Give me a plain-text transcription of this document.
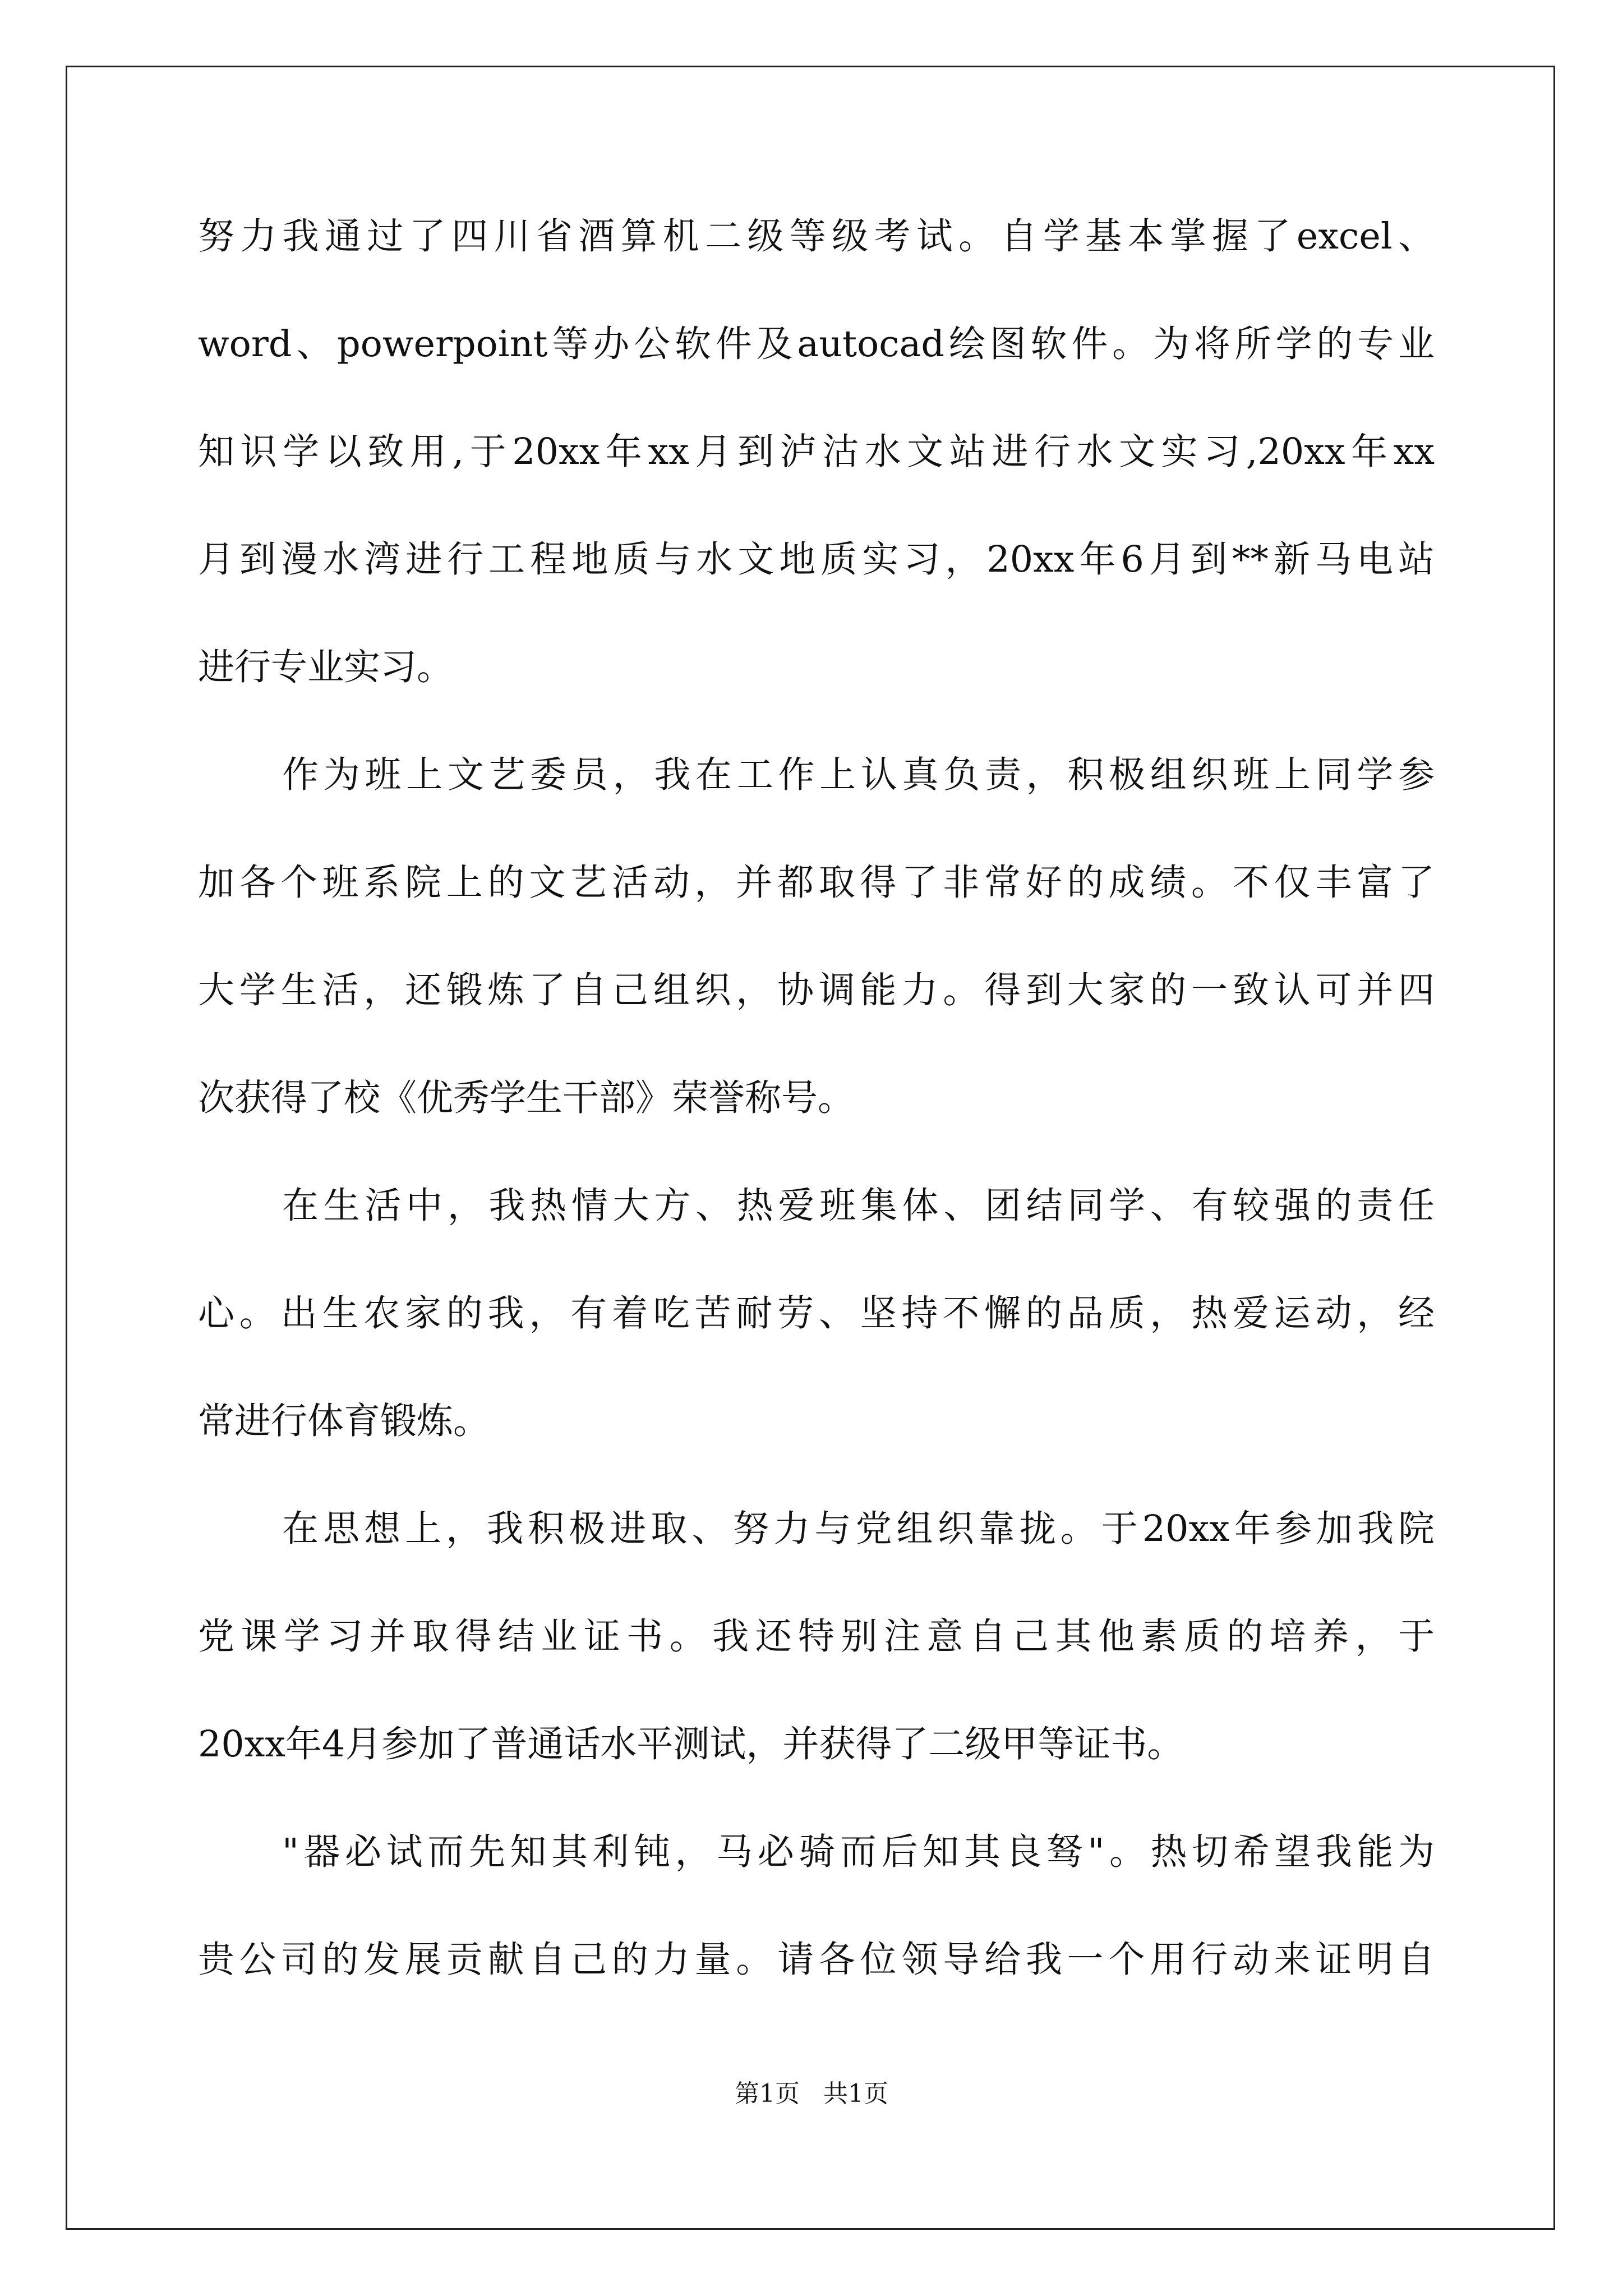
努力我通过了四川省酒算机二级等级考试。自学基本掌握了excel、
word、powerpoint等办公软件及autocad绘图软件。为将所学的专业
知识学以致用,于20xx年xx月到泸沽水文站进行水文实习,20xx年xx
月到漫水湾进行工程地质与水文地质实习，20xx年6月到**新马电站
进行专业实习。
作为班上文艺委员，我在工作上认真负责，积极组织班上同学参
加各个班系院上的文艺活动，并都取得了非常好的成绩。不仅丰富了
大学生活，还锻炼了自己组织，协调能力。得到大家的一致认可并四
次获得了校《优秀学生干部》荣誉称号。
在生活中，我热情大方、热爱班集体、团结同学、有较强的责任
心。出生农家的我，有着吃苦耐劳、坚持不懈的品质，热爱运动，经
常进行体育锻炼。
在思想上，我积极进取、努力与党组织靠拢。于20xx年参加我院
党课学习并取得结业证书。我还特别注意自己其他素质的培养，于
20xx年4月参加了普通话水平测试，并获得了二级甲等证书。
"器必试而先知其利钝，马必骑而后知其良驽"。热切希望我能为
贵公司的发展贡献自己的力量。请各位领导给我一个用行动来证明自
第1页 共1页
